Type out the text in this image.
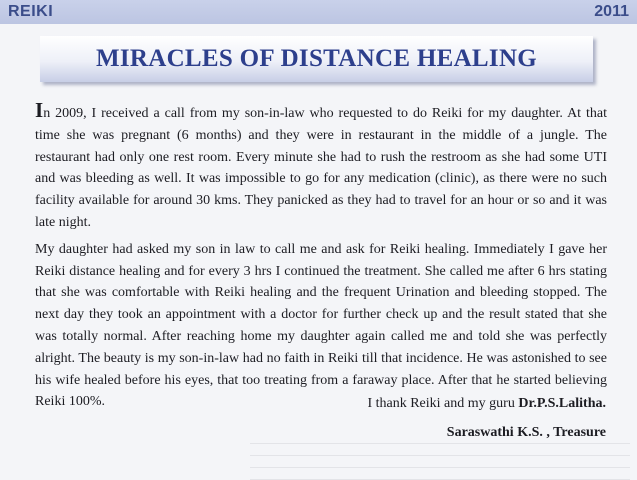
REIKI	2011
MIRACLES OF DISTANCE HEALING

In 2009, I received a call from my son-in-law who requested to do Reiki for my daughter. At that time she was pregnant (6 months) and they were in restaurant in the middle of a jungle. The restaurant had only one rest room. Every minute she had to rush the restroom as she had some UTI and was bleeding as well. It was impossible to go for any medication (clinic), as there were no such facility available for around 30 kms. They panicked as they had to travel for an hour or so and it was late night.

My daughter had asked my son in law to call me and ask for Reiki healing. Immediately I gave her Reiki distance healing and for every 3 hrs I continued the treatment. She called me after 6 hrs stating that she was comfortable with Reiki healing and the frequent Urination and bleeding stopped. The next day they took an appointment with a doctor for further check up and the result stated that she was totally normal. After reaching home my daughter again called me and told she was perfectly alright. The beauty is my son-in-law had no faith in Reiki till that incidence. He was astonished to see his wife healed before his eyes, that too treating from a faraway place. After that he started believing Reiki 100%.	I thank Reiki and my guru Dr.P.S.Lalitha.
Saraswathi K.S. , Treasure
